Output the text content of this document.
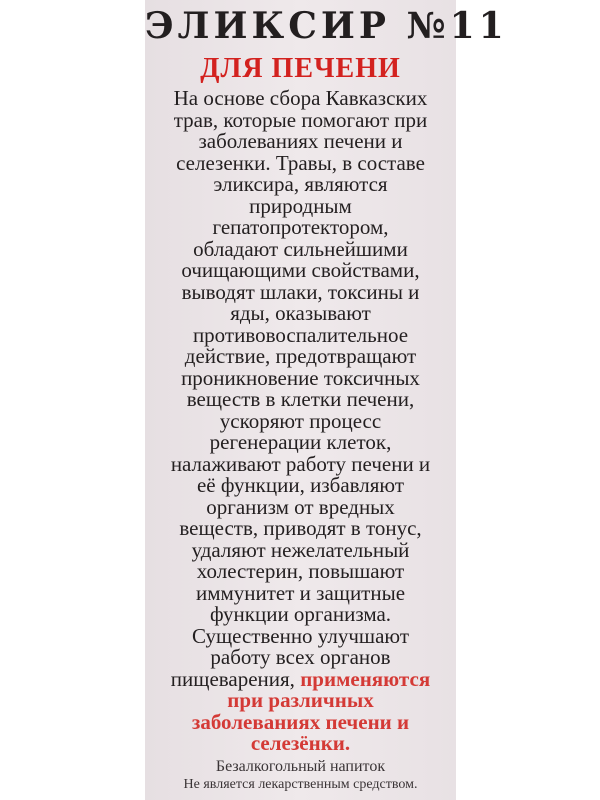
ЭЛИКСИР №11
ДЛЯ ПЕЧЕНИ
На основе сбора Кавказских
трав, которые помогают при
заболеваниях печени и
селезенки. Травы, в составе
эликсира, являются
природным
гепатопротектором,
обладают сильнейшими
очищающими свойствами,
выводят шлаки, токсины и
яды, оказывают
противовоспалительное
действие, предотвращают
проникновение токсичных
веществ в клетки печени,
ускоряют процесс
регенерации клеток,
налаживают работу печени и
её функции, избавляют
организм от вредных
веществ, приводят в тонус,
удаляют нежелательный
холестерин, повышают
иммунитет и защитные
функции организма.
Существенно улучшают
работу всех органов
пищеварения, применяются
при различных
заболеваниях печени и
селезёнки.
Безалкогольный напиток
Не является лекарственным средством.
